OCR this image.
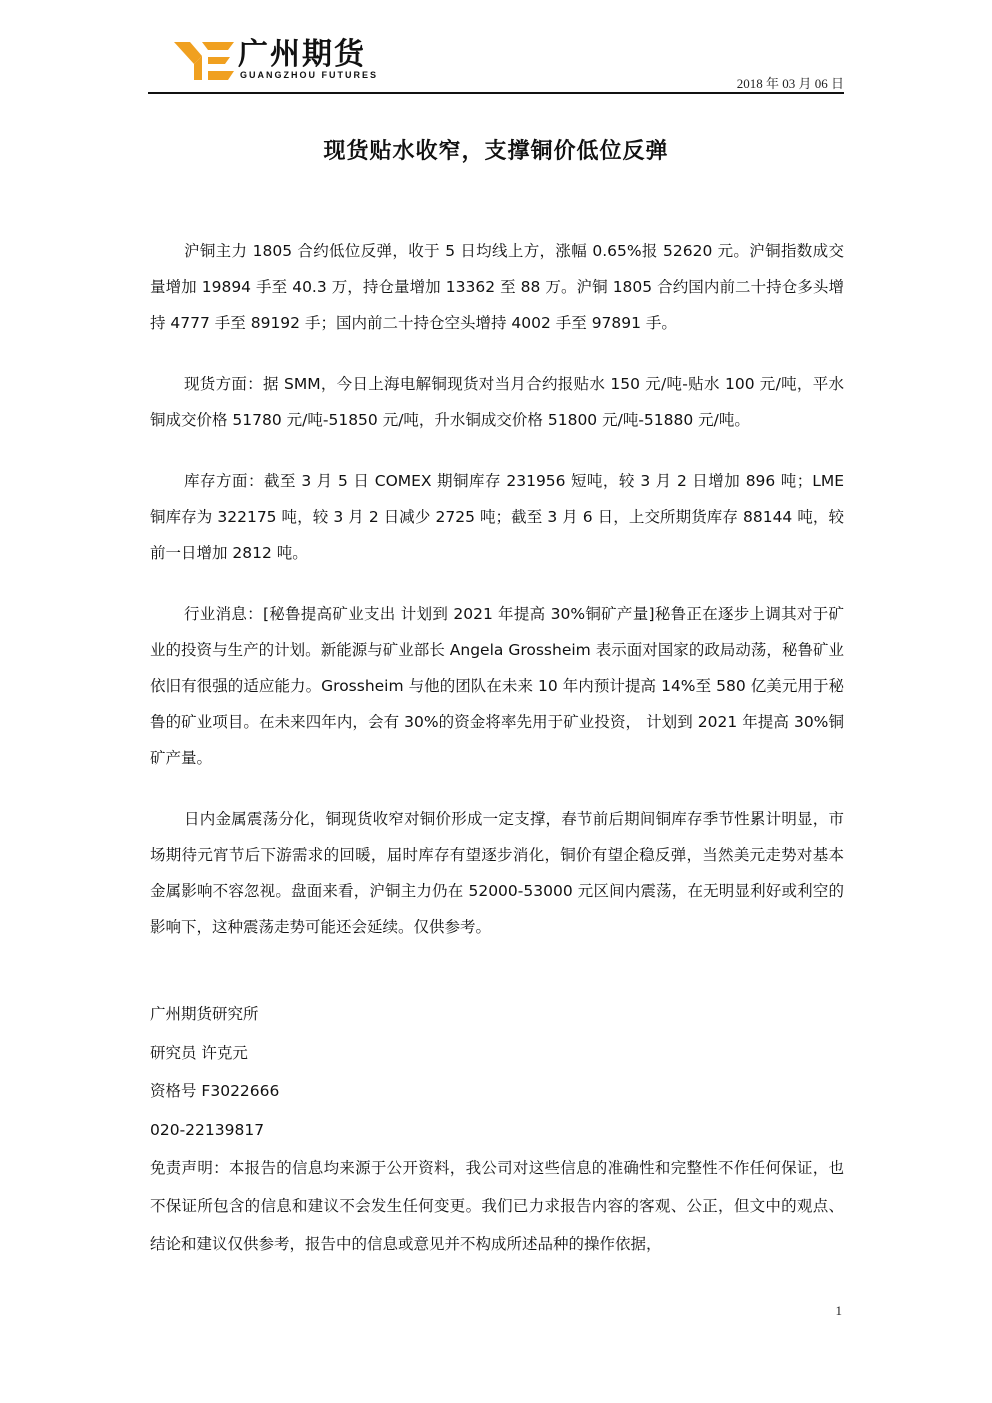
广州期货
GUANGZHOU FUTURES
2018 年 03 月 06 日
现货贴水收窄，支撑铜价低位反弹

沪铜主力 1805 合约低位反弹，收于 5 日均线上方，涨幅 0.65%报 52620 元。沪铜指数成交量增加 19894 手至 40.3 万，持仓量增加 13362 至 88 万。沪铜 1805 合约国内前二十持仓多头增持 4777 手至 89192 手；国内前二十持仓空头增持 4002 手至 97891 手。

现货方面：据 SMM，今日上海电解铜现货对当月合约报贴水 150 元/吨-贴水 100 元/吨，平水铜成交价格 51780 元/吨-51850 元/吨，升水铜成交价格 51800 元/吨-51880 元/吨。

库存方面：截至 3 月 5 日 COMEX 期铜库存 231956 短吨，较 3 月 2 日增加 896 吨；LME 铜库存为 322175 吨，较 3 月 2 日减少 2725 吨；截至 3 月 6 日，上交所期货库存 88144 吨，较前一日增加 2812 吨。

行业消息：[秘鲁提高矿业支出 计划到 2021 年提高 30%铜矿产量]秘鲁正在逐步上调其对于矿业的投资与生产的计划。新能源与矿业部长 Angela Grossheim 表示面对国家的政局动荡，秘鲁矿业依旧有很强的适应能力。Grossheim 与他的团队在未来 10 年内预计提高 14%至 580 亿美元用于秘鲁的矿业项目。在未来四年内，会有 30%的资金将率先用于矿业投资， 计划到 2021 年提高 30%铜矿产量。

日内金属震荡分化，铜现货收窄对铜价形成一定支撑，春节前后期间铜库存季节性累计明显，市场期待元宵节后下游需求的回暖，届时库存有望逐步消化，铜价有望企稳反弹，当然美元走势对基本金属影响不容忽视。盘面来看，沪铜主力仍在 52000-53000 元区间内震荡，在无明显利好或利空的影响下，这种震荡走势可能还会延续。仅供参考。

广州期货研究所
研究员 许克元
资格号 F3022666
020-22139817

免责声明：本报告的信息均来源于公开资料，我公司对这些信息的准确性和完整性不作任何保证，也不保证所包含的信息和建议不会发生任何变更。我们已力求报告内容的客观、公正，但文中的观点、结论和建议仅供参考，报告中的信息或意见并不构成所述品种的操作依据，

1
